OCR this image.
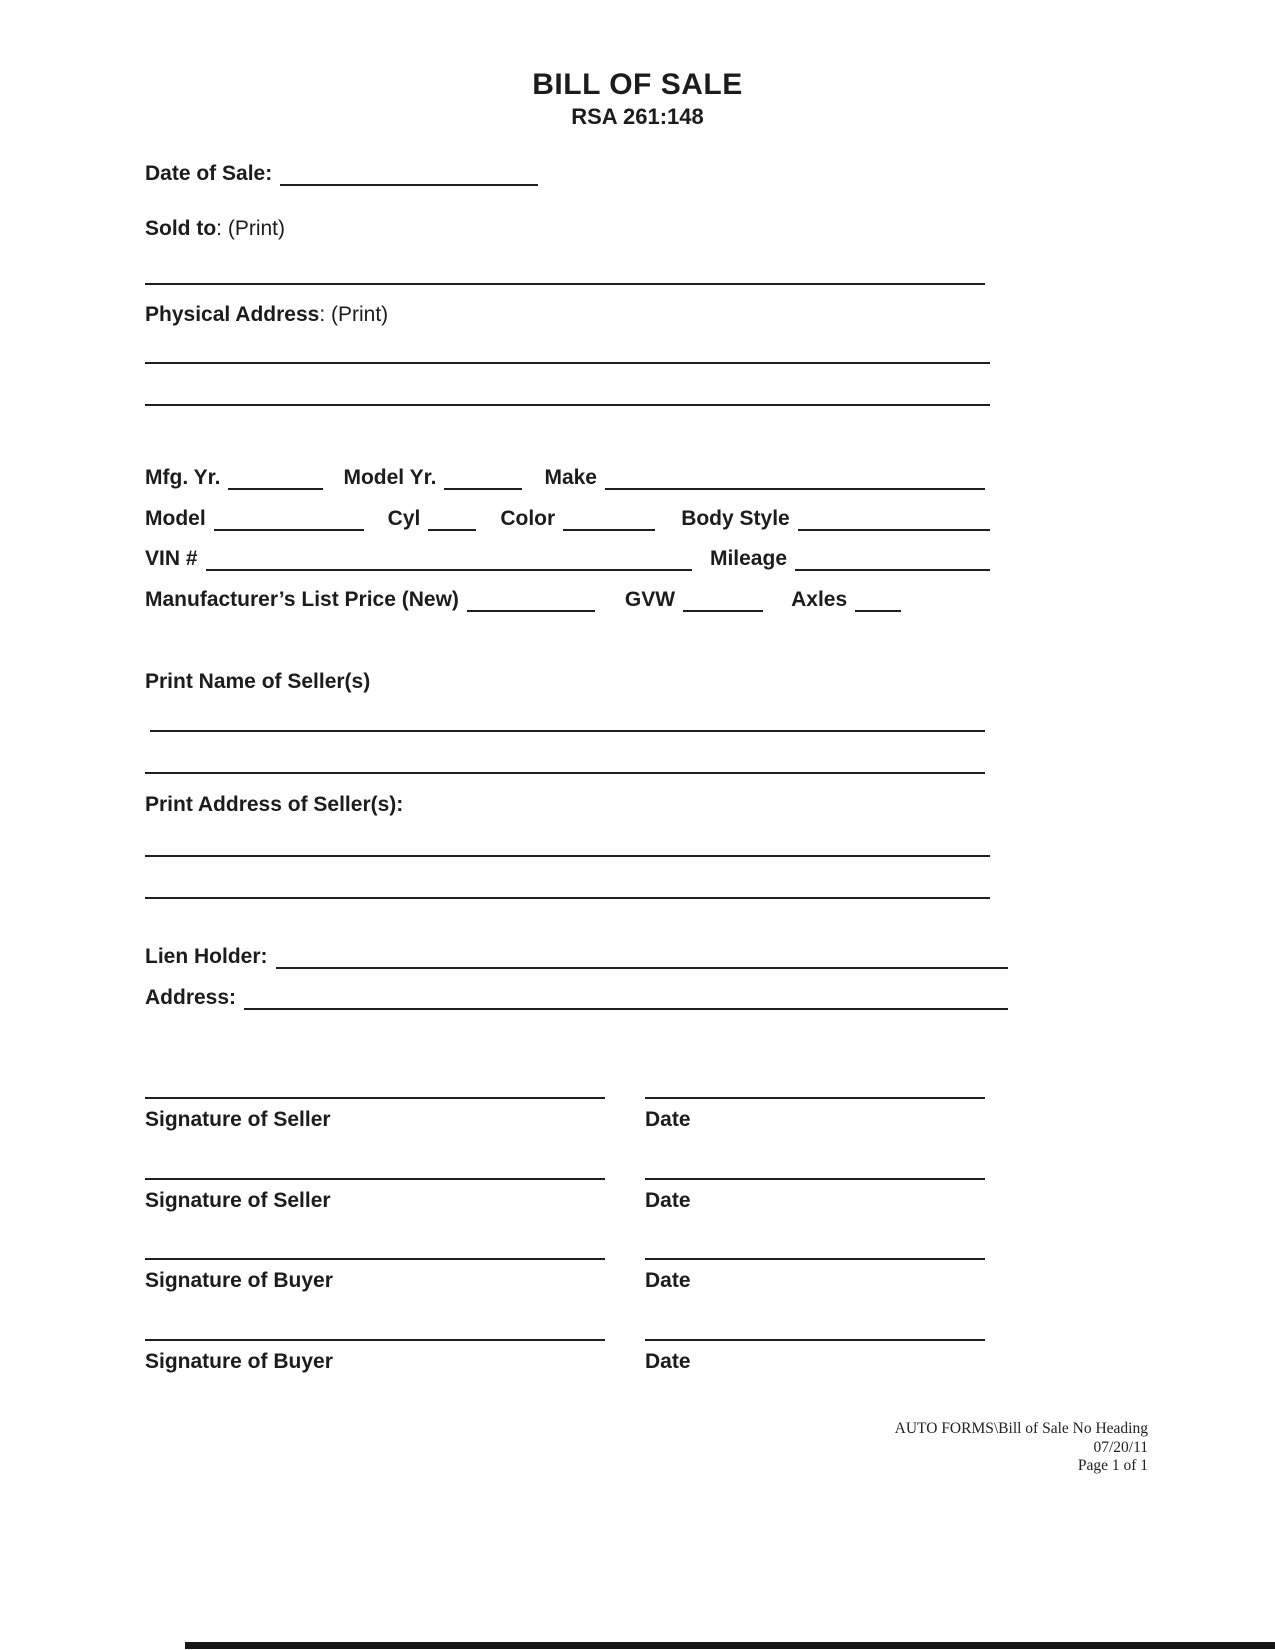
BILL OF SALE
RSA 261:148
Date of Sale:
Sold to : (Print)
Physical Address : (Print)
Mfg. Yr.	Model Yr.	Make
Model	Cyl	Color	Body Style
VIN #	Mileage
Manufacturer’s List Price (New)	GVW	Axles
Print Name of Seller(s)
Print Address of Seller(s):
Lien Holder:
Address:
Signature of Seller	Date
Signature of Seller	Date
Signature of Buyer	Date
Signature of Buyer	Date
AUTO FORMS\Bill of Sale No Heading
07/20/11
Page 1 of 1
